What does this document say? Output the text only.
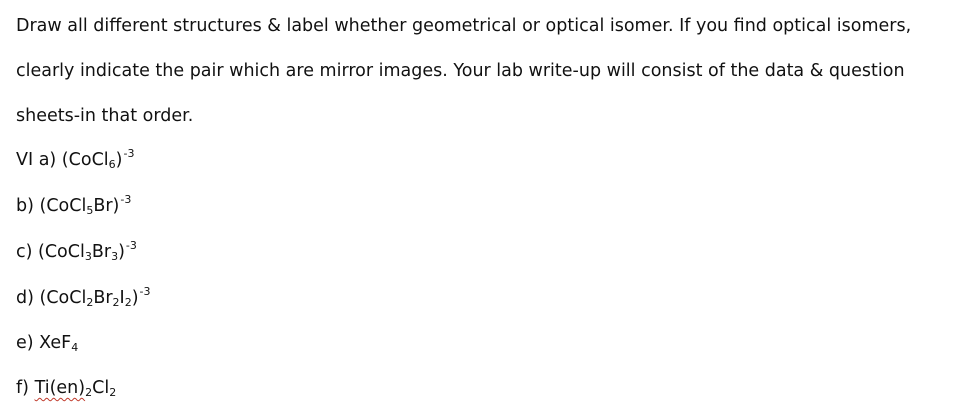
Draw all different structures & label whether geometrical or optical isomer. If you find optical isomers,
clearly indicate the pair which are mirror images. Your lab write-up will consist of the data & question
sheets-in that order.
VI a) (CoCl6)$^{-3}$
b) (CoCl5Br)$^{-3}$
c) (CoCl3Br3)$^{-3}$
d) (CoCl2Br2I2)$^{-3}$
e) XeF4
f) Ti(en)2Cl2
